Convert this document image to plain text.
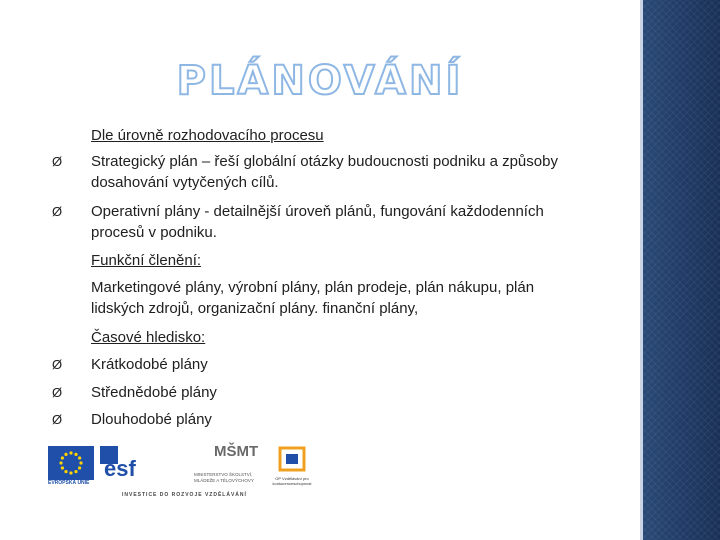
PLÁNOVÁNÍ
Dle úrovně rozhodovacího procesu
Ø Strategický plán – řeší globální otázky budoucnosti podniku a způsoby
dosahování vytyčených cílů.
Ø Operativní plány - detailnější úroveň plánů, fungování každodenních
procesů v podniku.
Funkční členění:
Marketingové plány, výrobní plány, plán prodeje, plán nákupu, plán
lidských zdrojů, organizační plány. finanční plány,
Časové hledisko:
Ø Krátkodobé plány
Ø Střednědobé plány
Ø Dlouhodobé plány
EVROPSKÁ UNIE
esf
MŠMT
MINISTERSTVO ŠKOLSTVÍ, MLÁDEŽE A TĚLOVÝCHOVY	OP Vzdělávání pro konkurenceschopnost
INVESTICE DO ROZVOJE VZDĚLÁVÁNÍ
